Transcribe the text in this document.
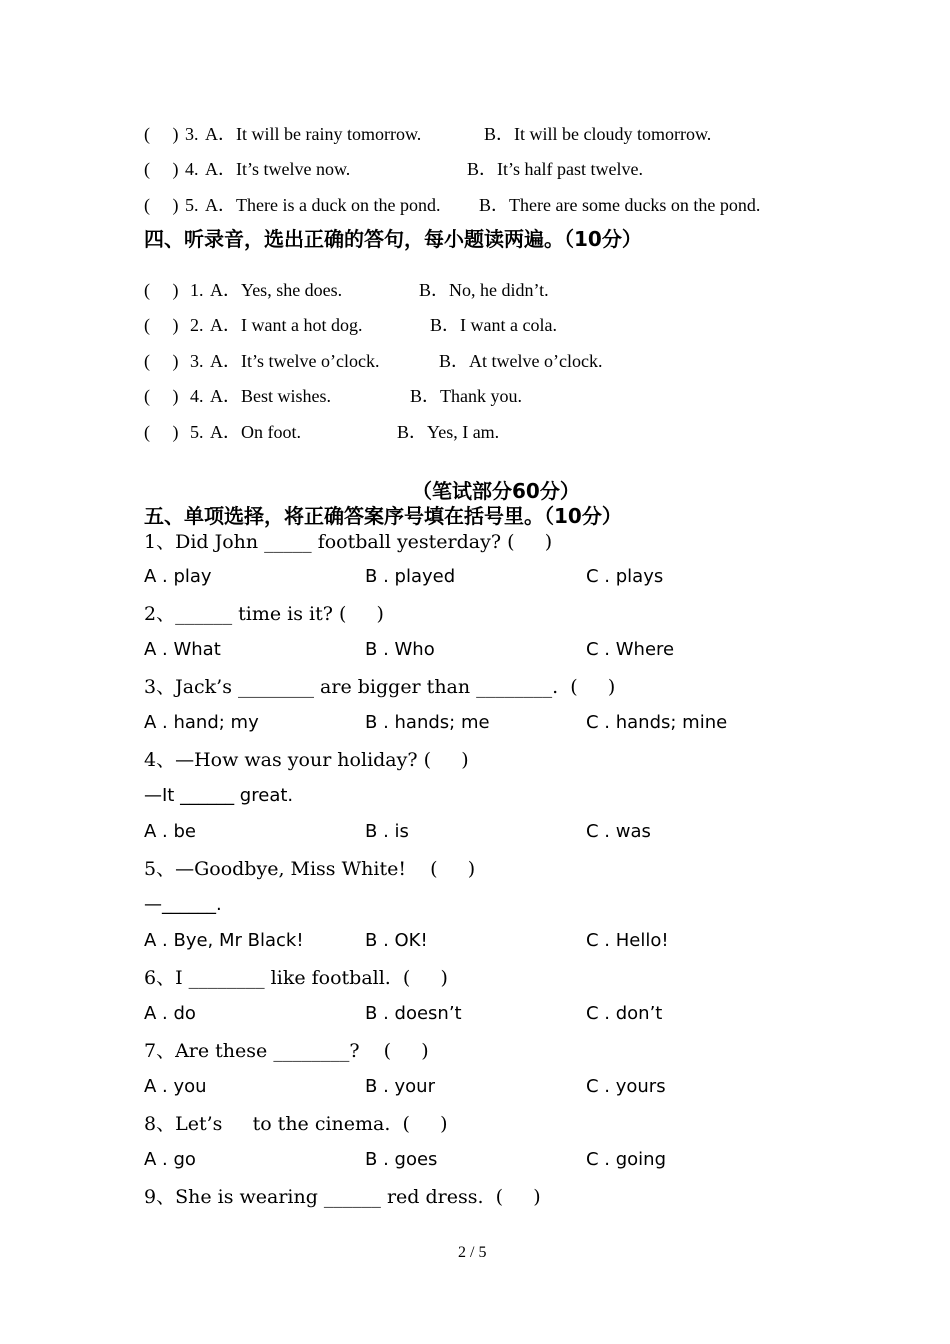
(     ) 3. A．It will be rainy tomorrow.	B．It will be cloudy tomorrow.
(     ) 4. A．It’s twelve now.	B．It’s half past twelve.
(     ) 5. A．There is a duck on the pond. B．There are some ducks on the pond.
四、听录音，选出正确的答句，每小题读两遍。（10分）
(     ) 1. A．Yes, she does.	B．No, he didn’t.
(     ) 2. A．I want a hot dog.	B．I want a cola.
(     ) 3. A．It’s twelve o’clock.	B．At twelve o’clock.
(     ) 4. A．Best wishes.	B．Thank you.
(     ) 5. A．On foot.	B．Yes, I am.
（笔试部分60分）
五、单项选择，将正确答案序号填在括号里。（10分）
1、Did John _____ football yesterday? (     )
A . play	B . played	C . plays
2、______ time is it? (     )
A . What	B . Who	C . Where
3、Jack’s ________ are bigger than ________.  (     )
A . hand; my	B . hands; me	C . hands; mine
4、—How was your holiday? (     )
—It ______ great.
A . be	B . is	C . was
5、—Goodbye, Miss White!    (     )
—______.
A . Bye, Mr Black!	B . OK!	C . Hello!
6、I ________ like football.  (     )
A . do	B . doesn’t	C . don’t
7、Are these ________?    (     )
A . you	B . your	C . yours
8、Let’s     to the cinema.  (     )
A . go	B . goes	C . going
9、She is wearing ______ red dress.  (     )
2 / 5
